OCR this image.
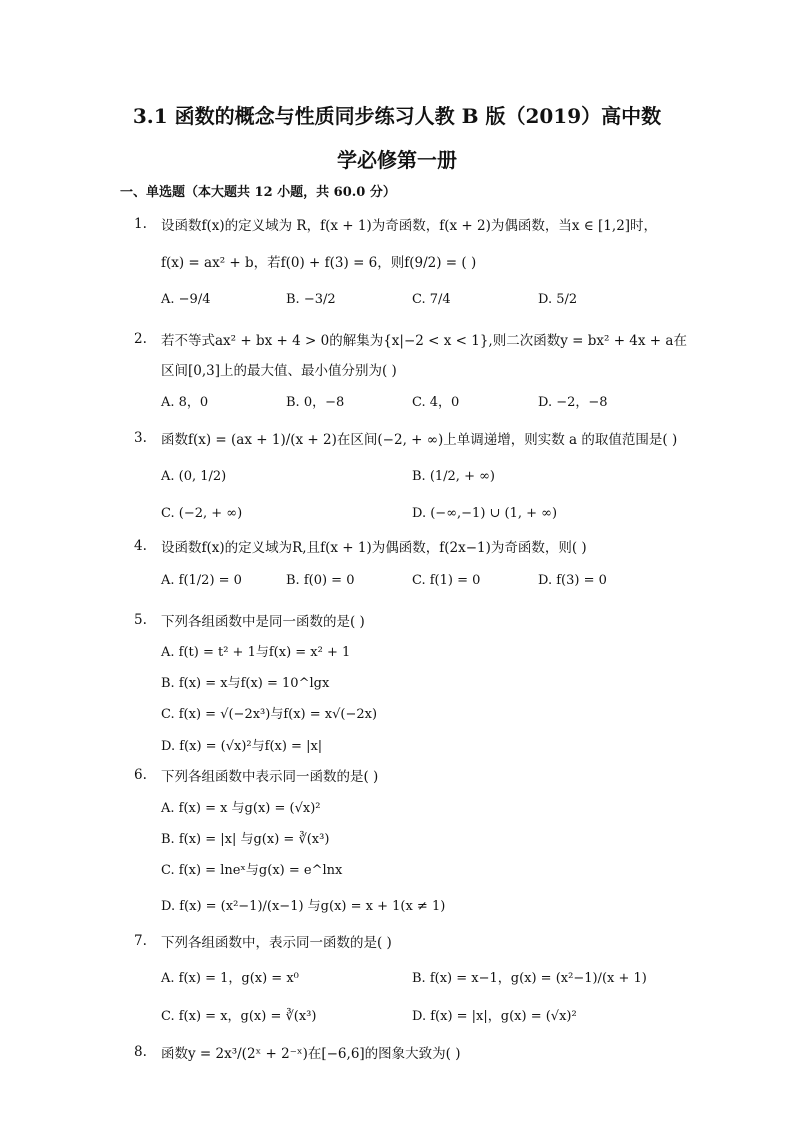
3.1 函数的概念与性质同步练习人教 B 版（2019）高中数
学必修第一册
一、单选题（本大题共 12 小题，共 60.0 分）
1. 设函数f(x)的定义域为 R，f(x + 1)为奇函数，f(x + 2)为偶函数，当x ∈ [1,2]时，
f(x) = ax² + b，若f(0) + f(3) = 6，则f(9/2) = ( )
A. −9/4	B. −3/2	C. 7/4	D. 5/2
2. 若不等式ax² + bx + 4 > 0的解集为{x|−2 < x < 1},则二次函数y = bx² + 4x + a在
区间[0,3]上的最大值、最小值分别为( )
A. 8，0	B. 0，−8	C. 4，0	D. −2，−8
3. 函数f(x) = (ax + 1)/(x + 2)在区间(−2, + ∞)上单调递增，则实数 a 的取值范围是( )
A. (0, 1/2)	B. (1/2, + ∞)
C. (−2, + ∞)	D. (−∞,−1) ∪ (1, + ∞)
4. 设函数f(x)的定义域为R,且f(x + 1)为偶函数，f(2x−1)为奇函数，则( )
A. f(1/2) = 0	B. f(0) = 0	C. f(1) = 0	D. f(3) = 0
5. 下列各组函数中是同一函数的是( )
A. f(t) = t² + 1与f(x) = x² + 1
B. f(x) = x与f(x) = 10^lgx
C. f(x) = √(−2x³)与f(x) = x√(−2x)
D. f(x) = (√x)²与f(x) = |x|
6. 下列各组函数中表示同一函数的是( )
A. f(x) = x 与g(x) = (√x)²
B. f(x) = |x| 与g(x) = ∛(x³)
C. f(x) = lneˣ与g(x) = e^lnx
D. f(x) = (x²−1)/(x−1) 与g(x) = x + 1(x ≠ 1)
7. 下列各组函数中，表示同一函数的是( )
A. f(x) = 1，g(x) = x⁰	B. f(x) = x−1，g(x) = (x²−1)/(x + 1)
C. f(x) = x，g(x) = ∛(x³)	D. f(x) = |x|，g(x) = (√x)²
8. 函数y = 2x³/(2ˣ + 2⁻ˣ)在[−6,6]的图象大致为( )
